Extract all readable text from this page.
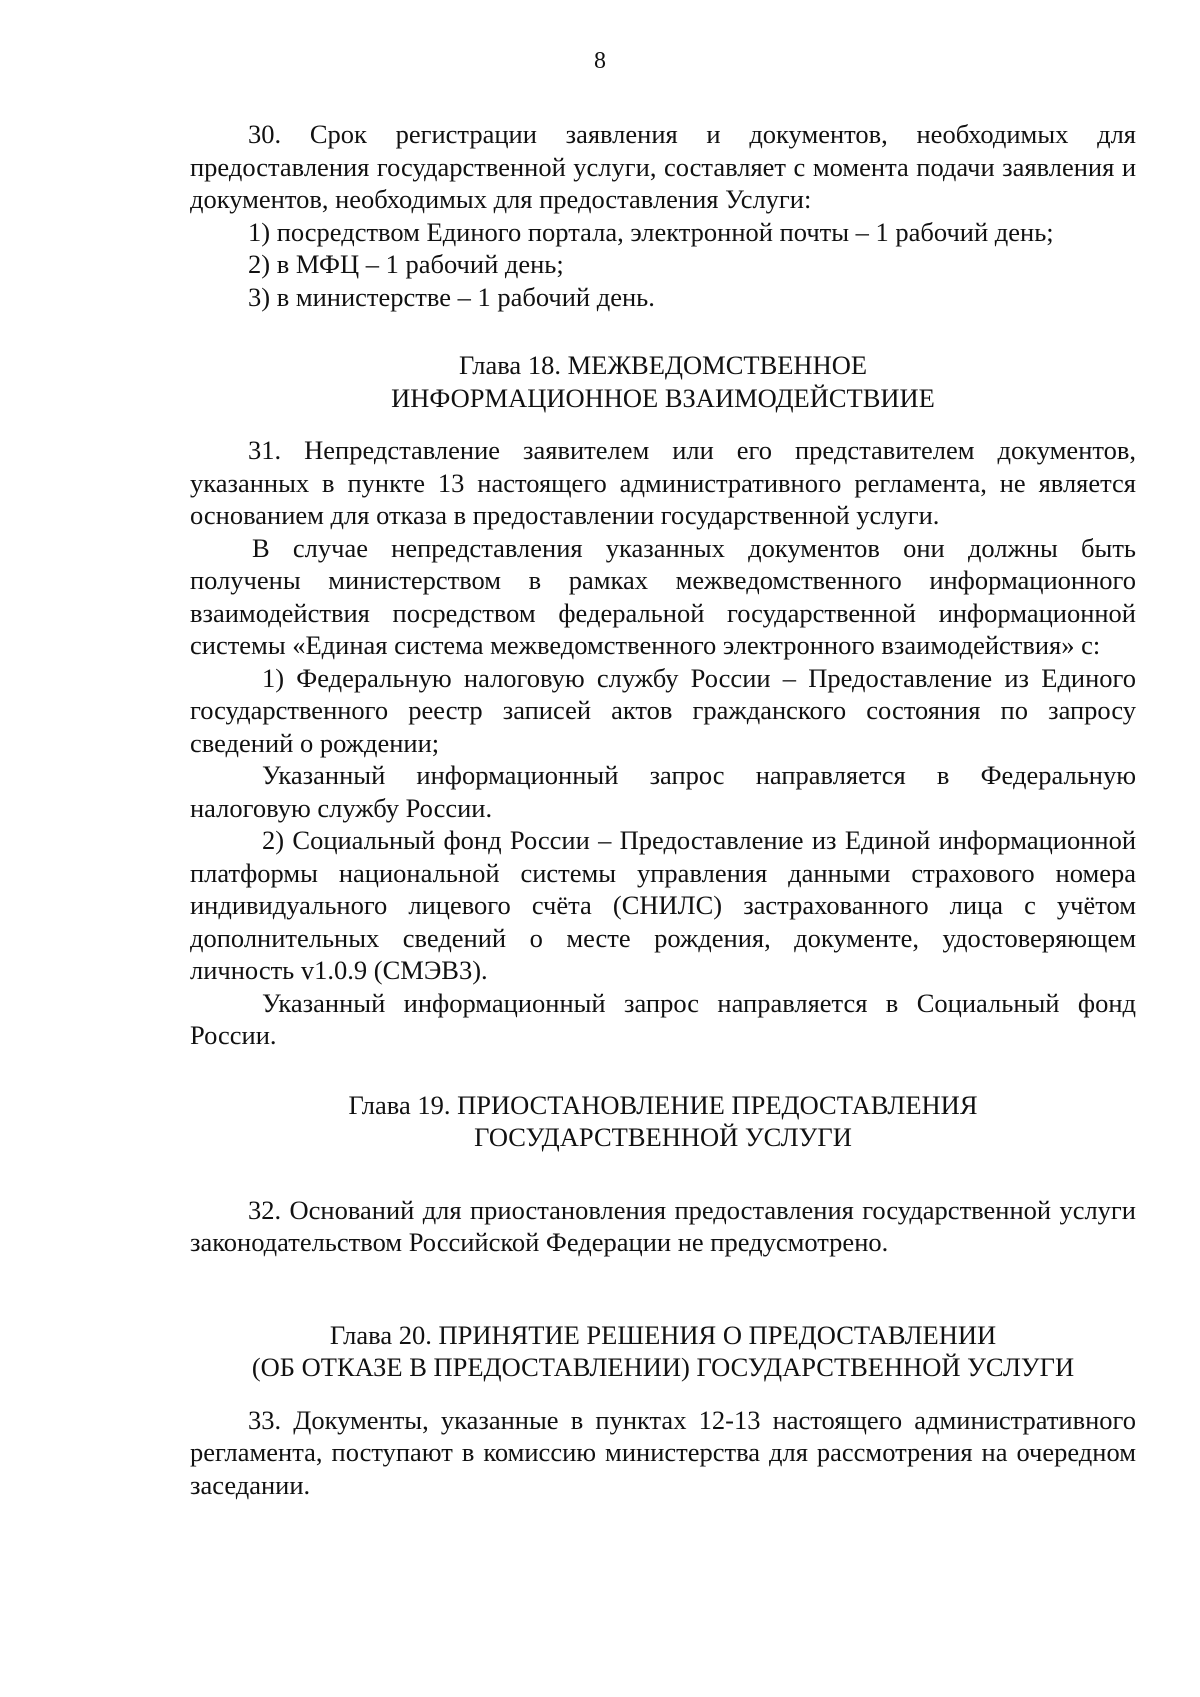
8

30. Срок регистрации заявления и документов, необходимых для предоставления государственной услуги, составляет с момента подачи заявления и документов, необходимых для предоставления Услуги:

1) посредством Единого портала, электронной почты – 1 рабочий день;

2) в МФЦ – 1 рабочий день;

3) в министерстве – 1 рабочий день.

Глава 18. МЕЖВЕДОМСТВЕННОЕ
ИНФОРМАЦИОННОЕ ВЗАИМОДЕЙСТВИИЕ

31. Непредставление заявителем или его представителем документов, указанных в пункте 13 настоящего административного регламента, не является основанием для отказа в предоставлении государственной услуги.

В случае непредставления указанных документов они должны быть получены министерством в рамках межведомственного информационного взаимодействия посредством федеральной государственной информационной системы «Единая система межведомственного электронного взаимодействия» с:

1) Федеральную налоговую службу России – Предоставление из Единого государственного реестр записей актов гражданского состояния по запросу сведений о рождении;

Указанный информационный запрос направляется в Федеральную налоговую службу России.

2) Социальный фонд России – Предоставление из Единой информационной платформы национальной системы управления данными страхового номера индивидуального лицевого счёта (СНИЛС) застрахованного лица с учётом дополнительных сведений о месте рождения, документе, удостоверяющем личность v1.0.9 (СМЭВ3).

Указанный информационный запрос направляется в Социальный фонд России.

Глава 19. ПРИОСТАНОВЛЕНИЕ ПРЕДОСТАВЛЕНИЯ
ГОСУДАРСТВЕННОЙ УСЛУГИ

32. Оснований для приостановления предоставления государственной услуги законодательством Российской Федерации не предусмотрено.

Глава 20. ПРИНЯТИЕ РЕШЕНИЯ О ПРЕДОСТАВЛЕНИИ
(ОБ ОТКАЗЕ В ПРЕДОСТАВЛЕНИИ) ГОСУДАРСТВЕННОЙ УСЛУГИ

33. Документы, указанные в пунктах 12-13 настоящего административного регламента, поступают в комиссию министерства для рассмотрения на очередном заседании.
